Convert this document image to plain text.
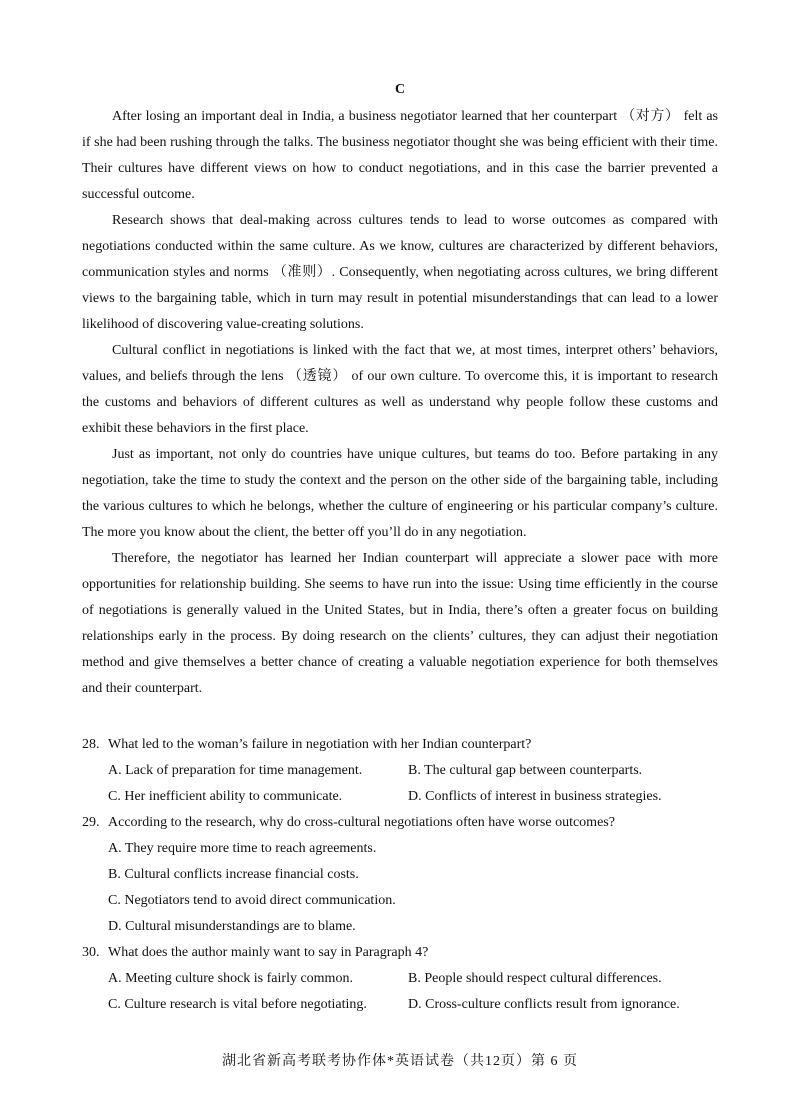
C

After losing an important deal in India, a business negotiator learned that her counterpart （对方） felt as if she had been rushing through the talks. The business negotiator thought she was being efficient with their time. Their cultures have different views on how to conduct negotiations, and in this case the barrier prevented a successful outcome.

Research shows that deal-making across cultures tends to lead to worse outcomes as compared with negotiations conducted within the same culture. As we know, cultures are characterized by different behaviors, communication styles and norms （准则）. Consequently, when negotiating across cultures, we bring different views to the bargaining table, which in turn may result in potential misunderstandings that can lead to a lower likelihood of discovering value-creating solutions.

Cultural conflict in negotiations is linked with the fact that we, at most times, interpret others’ behaviors, values, and beliefs through the lens （透镜） of our own culture. To overcome this, it is important to research the customs and behaviors of different cultures as well as understand why people follow these customs and exhibit these behaviors in the first place.

Just as important, not only do countries have unique cultures, but teams do too. Before partaking in any negotiation, take the time to study the context and the person on the other side of the bargaining table, including the various cultures to which he belongs, whether the culture of engineering or his particular company’s culture. The more you know about the client, the better off you’ll do in any negotiation.

Therefore, the negotiator has learned her Indian counterpart will appreciate a slower pace with more opportunities for relationship building. She seems to have run into the issue: Using time efficiently in the course of negotiations is generally valued in the United States, but in India, there’s often a greater focus on building relationships early in the process. By doing research on the clients’ cultures, they can adjust their negotiation method and give themselves a better chance of creating a valuable negotiation experience for both themselves and their counterpart.

28. What led to the woman’s failure in negotiation with her Indian counterpart?
A. Lack of preparation for time management.	B. The cultural gap between counterparts.
C. Her inefficient ability to communicate.	D. Conflicts of interest in business strategies.
29. According to the research, why do cross-cultural negotiations often have worse outcomes?
A. They require more time to reach agreements.
B. Cultural conflicts increase financial costs.
C. Negotiators tend to avoid direct communication.
D. Cultural misunderstandings are to blame.
30. What does the author mainly want to say in Paragraph 4?
A. Meeting culture shock is fairly common.	B. People should respect cultural differences.
C. Culture research is vital before negotiating.	D. Cross-culture conflicts result from ignorance.
湖北省新高考联考协作体*英语试卷（共12页）第 6 页
